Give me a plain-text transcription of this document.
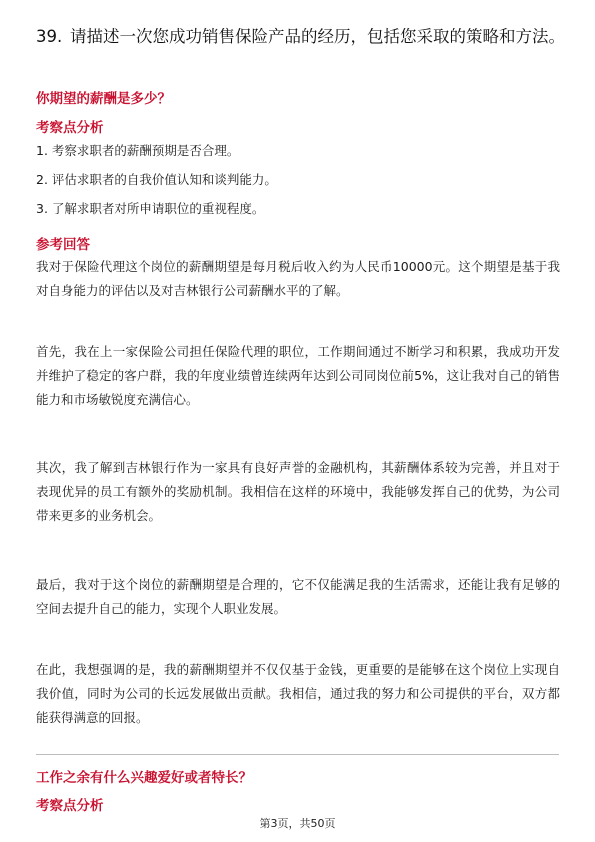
39. 请描述一次您成功销售保险产品的经历，包括您采取的策略和方法。
你期望的薪酬是多少？
考察点分析
1. 考察求职者的薪酬预期是否合理。
2. 评估求职者的自我价值认知和谈判能力。
3. 了解求职者对所申请职位的重视程度。
参考回答
我对于保险代理这个岗位的薪酬期望是每月税后收入约为人民币10000元。这个期望是基于我对自身能力的评估以及对吉林银行公司薪酬水平的了解。
首先，我在上一家保险公司担任保险代理的职位，工作期间通过不断学习和积累，我成功开发并维护了稳定的客户群，我的年度业绩曾连续两年达到公司同岗位前5%，这让我对自己的销售能力和市场敏锐度充满信心。
其次，我了解到吉林银行作为一家具有良好声誉的金融机构，其薪酬体系较为完善，并且对于表现优异的员工有额外的奖励机制。我相信在这样的环境中，我能够发挥自己的优势，为公司带来更多的业务机会。
最后，我对于这个岗位的薪酬期望是合理的，它不仅能满足我的生活需求，还能让我有足够的空间去提升自己的能力，实现个人职业发展。
在此，我想强调的是，我的薪酬期望并不仅仅基于金钱，更重要的是能够在这个岗位上实现自我价值，同时为公司的长远发展做出贡献。我相信，通过我的努力和公司提供的平台，双方都能获得满意的回报。
工作之余有什么兴趣爱好或者特长？
考察点分析
第3页，共50页
